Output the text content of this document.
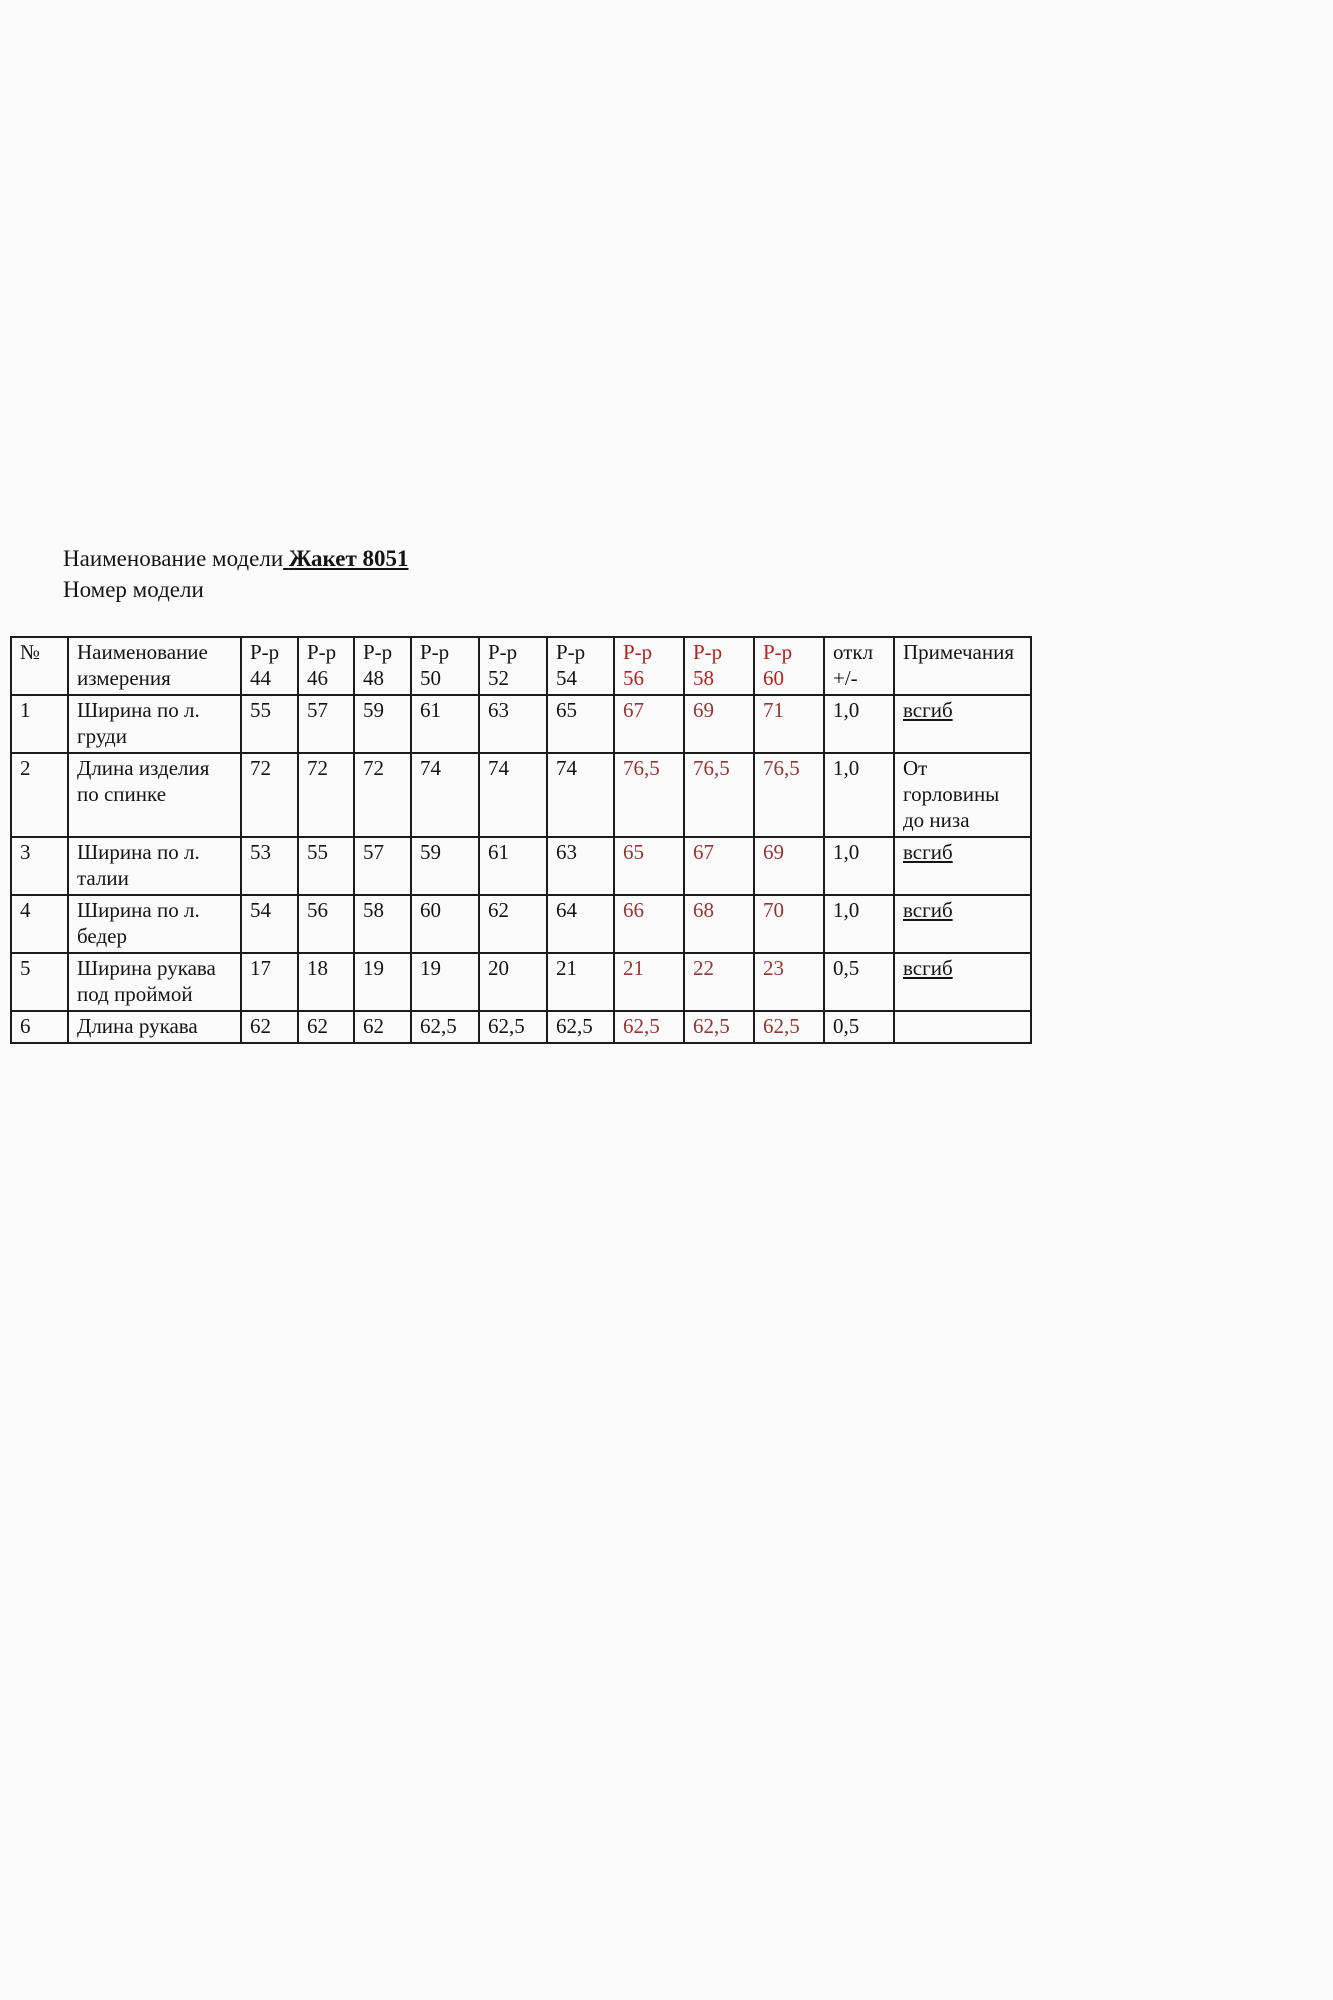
Наименование модели Жакет 8051
Номер модели
№	Наименование измерения	Р-р 44	Р-р 46	Р-р 48	Р-р 50	Р-р 52	Р-р 54	Р-р 56	Р-р 58	Р-р 60	откл +/-	Примечания
1	Ширина по л. груди	55	57	59	61	63	65	67	69	71	1,0	всгиб
2	Длина изделия по спинке	72	72	72	74	74	74	76,5	76,5	76,5	1,0	От горловины до низа
3	Ширина по л. талии	53	55	57	59	61	63	65	67	69	1,0	всгиб
4	Ширина по л. бедер	54	56	58	60	62	64	66	68	70	1,0	всгиб
5	Ширина рукава под проймой	17	18	19	19	20	21	21	22	23	0,5	всгиб
6	Длина рукава	62	62	62	62,5	62,5	62,5	62,5	62,5	62,5	0,5	
